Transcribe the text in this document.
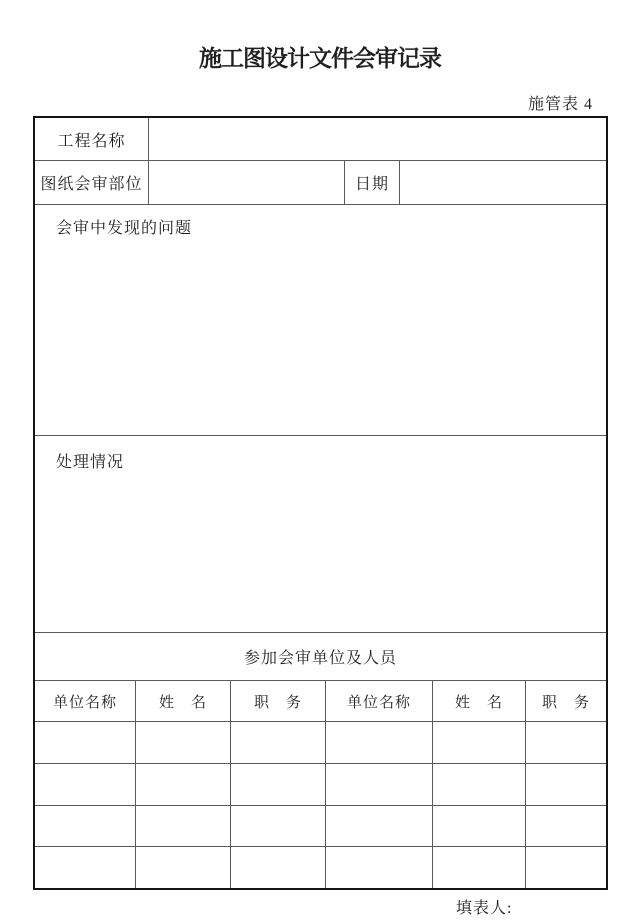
施工图设计文件会审记录
施管表 4
工程名称
图纸会审部位	日期
会审中发现的问题
处理情况
参加会审单位及人员
单位名称	姓　名	职　务	单位名称	姓　名	职　务
填表人:
